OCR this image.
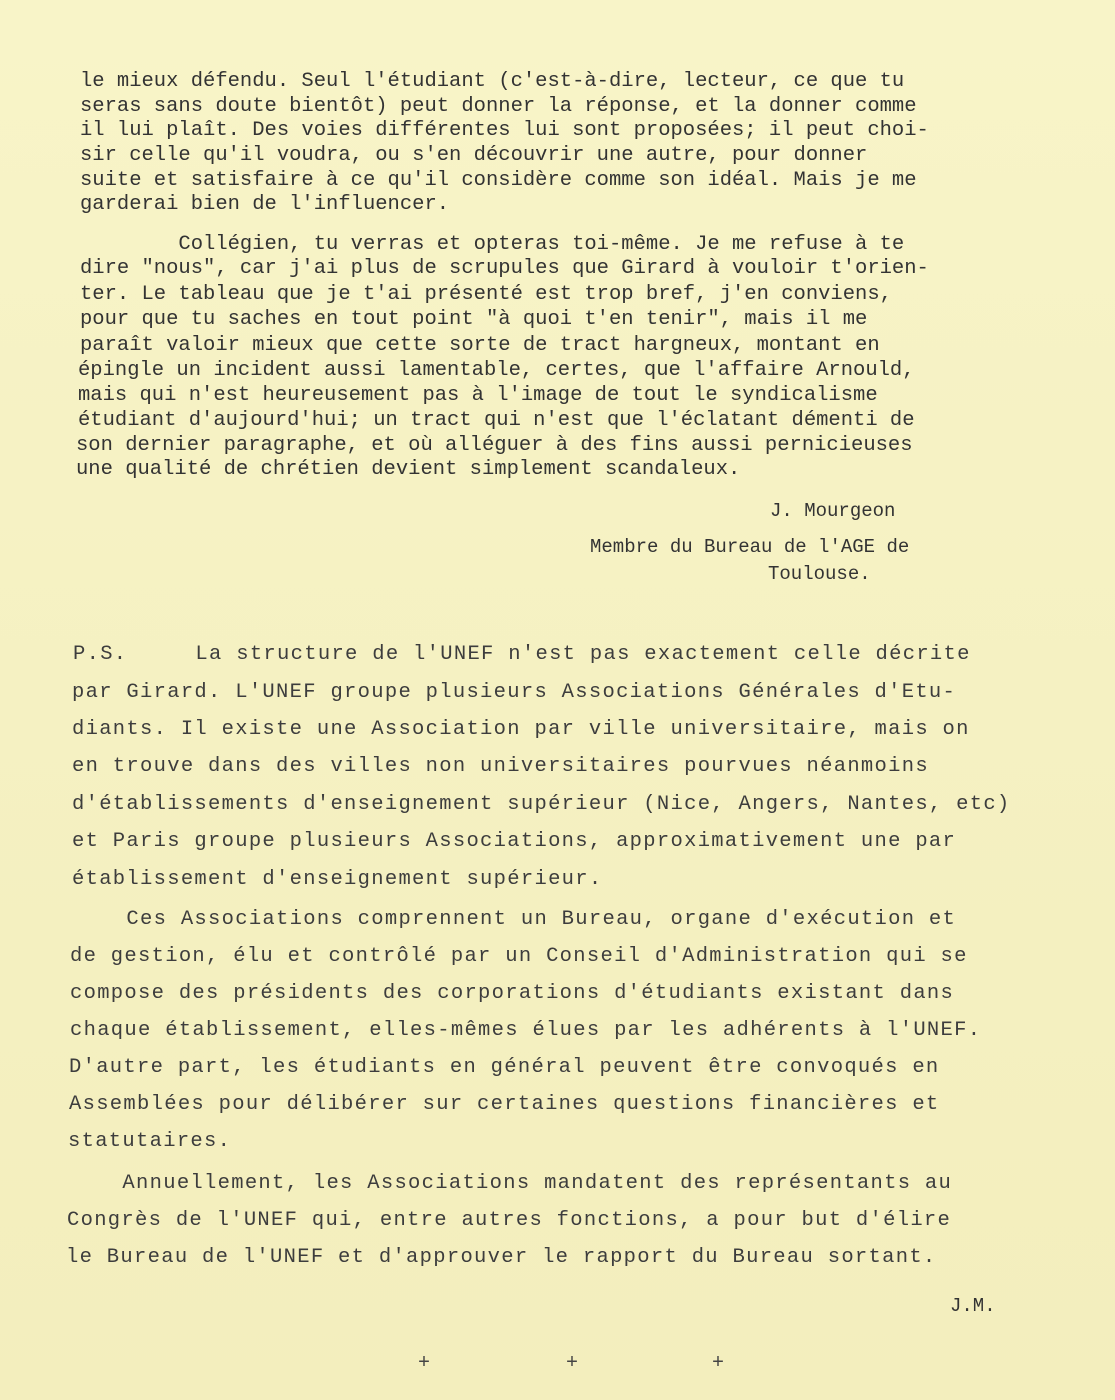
le mieux défendu. Seul l'étudiant (c'est-à-dire, lecteur, ce que tu

seras sans doute bientôt) peut donner la réponse, et la donner comme

il lui plaît. Des voies différentes lui sont proposées; il peut choi-

sir celle qu'il voudra, ou s'en découvrir une autre, pour donner

suite et satisfaire à ce qu'il considère comme son idéal. Mais je me

garderai bien de l'influencer.

Collégien, tu verras et opteras toi-même. Je me refuse à te

dire "nous", car j'ai plus de scrupules que Girard à vouloir t'orien-

ter. Le tableau que je t'ai présenté est trop bref, j'en conviens,

pour que tu saches en tout point "à quoi t'en tenir", mais il me

paraît valoir mieux que cette sorte de tract hargneux, montant en

épingle un incident aussi lamentable, certes, que l'affaire Arnould,

mais qui n'est heureusement pas à l'image de tout le syndicalisme

étudiant d'aujourd'hui; un tract qui n'est que l'éclatant démenti de

son dernier paragraphe, et où alléguer à des fins aussi pernicieuses

une qualité de chrétien devient simplement scandaleux.

J. Mourgeon
Membre du Bureau de l'AGE de
Toulouse.

P.S.     La structure de l'UNEF n'est pas exactement celle décrite

par Girard. L'UNEF groupe plusieurs Associations Générales d'Etu-

diants. Il existe une Association par ville universitaire, mais on

en trouve dans des villes non universitaires pourvues néanmoins

d'établissements d'enseignement supérieur (Nice, Angers, Nantes, etc)

et Paris groupe plusieurs Associations, approximativement une par

établissement d'enseignement supérieur.

Ces Associations comprennent un Bureau, organe d'exécution et

de gestion, élu et contrôlé par un Conseil d'Administration qui se

compose des présidents des corporations d'étudiants existant dans

chaque établissement, elles-mêmes élues par les adhérents à l'UNEF.

D'autre part, les étudiants en général peuvent être convoqués en

Assemblées pour délibérer sur certaines questions financières et

statutaires.

Annuellement, les Associations mandatent des représentants au

Congrès de l'UNEF qui, entre autres fonctions, a pour but d'élire

le Bureau de l'UNEF et d'approuver le rapport du Bureau sortant.

J.M.
+	+	+
